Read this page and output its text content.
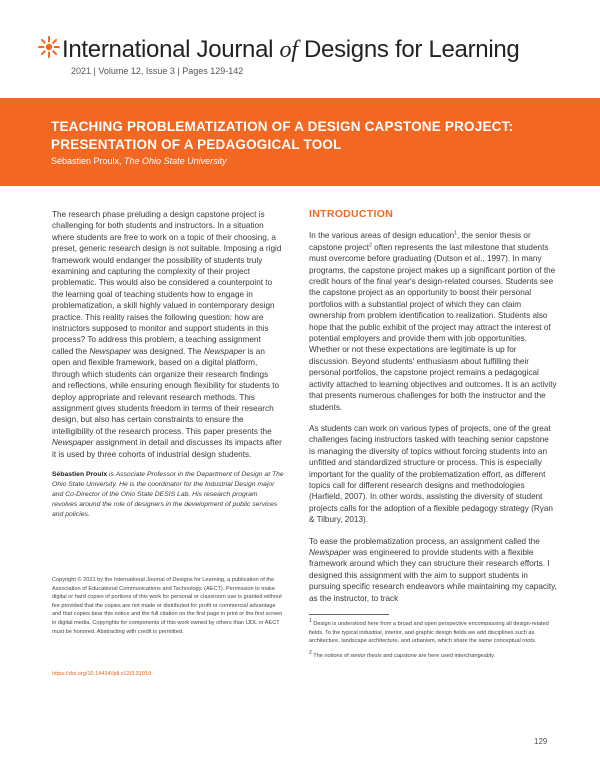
International Journal of Designs for Learning
2021 | Volume 12, Issue 3 | Pages 129-142
TEACHING PROBLEMATIZATION OF A DESIGN CAPSTONE PROJECT:
PRESENTATION OF A PEDAGOGICAL TOOL
Sébastien Proulx, The Ohio State University

The research phase preluding a design capstone project is challenging for both students and instructors. In a situation where students are free to work on a topic of their choosing, a preset, generic research design is not suitable. Imposing a rigid framework would endanger the possibility of students truly examining and capturing the complexity of their project problematic. This would also be considered a counterpoint to the learning goal of teaching students how to engage in problematization, a skill highly valued in contemporary design practice. This reality raises the following question: how are instructors supposed to monitor and support students in this process? To address this problem, a teaching assignment called the Newspaper was designed. The Newspaper is an open and flexible framework, based on a digital platform, through which students can organize their research findings and reflections, while ensuring enough flexibility for students to deploy appropriate and relevant research methods. This assignment gives students freedom in terms of their research design, but also has certain constraints to ensure the intelligibility of the research process. This paper presents the Newspaper assignment in detail and discusses its impacts after it is used by three cohorts of industrial design students.

Sébastien Proulx is Associate Professor in the Department of Design at The Ohio State University. He is the coordinator for the Industrial Design major and Co-Director of the Ohio State DESIS Lab. His research program revolves around the role of designers in the development of public services and policies.

Copyright © 2021 by the International Journal of Designs for Learning, a publication of the Association of Educational Communications and Technology. (AECT). Permission to make digital or hard copies of portions of this work for personal or classroom use is granted without fee provided that the copies are not made or distributed for profit or commercial advantage and that copies bear this notice and the full citation on the first page in print or the first screen in digital media. Copyrights for components of this work owned by others than IJDL or AECT must be honored. Abstracting with credit is permitted.
https://doi.org/10.14434/ijdl.v12i3.31019

INTRODUCTION

In the various areas of design education$^1$, the senior thesis or capstone project$^2$ often represents the last milestone that students must overcome before graduating (Dutson et al., 1997). In many programs, the capstone project makes up a significant portion of the credit hours of the final year's design-related courses. Students see the capstone project as an opportunity to boost their personal portfolios with a substantial project of which they can claim ownership from problem identification to realization. Students also hope that the public exhibit of the project may attract the interest of potential employers and provide them with job opportunities. Whether or not these expectations are legitimate is up for discussion. Beyond students' enthusiasm about fulfilling their personal portfolios, the capstone project remains a pedagogical activity attached to learning objectives and outcomes. It is an activity that presents numerous challenges for both the instructor and the students.

As students can work on various types of projects, one of the great challenges facing instructors tasked with teaching senior capstone is managing the diversity of topics without forcing students into an unfitted and standardized structure or process. This is especially important for the quality of the problematization effort, as different topics call for different research designs and methodologies (Harfield, 2007). In other words, assisting the diversity of student projects calls for the adoption of a flexible pedagogy strategy (Ryan & Tilbury, 2013).

To ease the problematization process, an assignment called the Newspaper was engineered to provide students with a flexible framework around which they can structure their research efforts. I designed this assignment with the aim to support students in pursuing specific research endeavors while maintaining my capacity, as the instructor, to track

$^1$ Design is understood here from a broad and open perspective encompassing all design-related fields. To the typical industrial, interior, and graphic design fields we add disciplines such as architecture, landscape architecture, and urbanism, which share the same conceptual roots.

$^2$ The notions of senior thesis and capstone are here used interchangeably.

129
